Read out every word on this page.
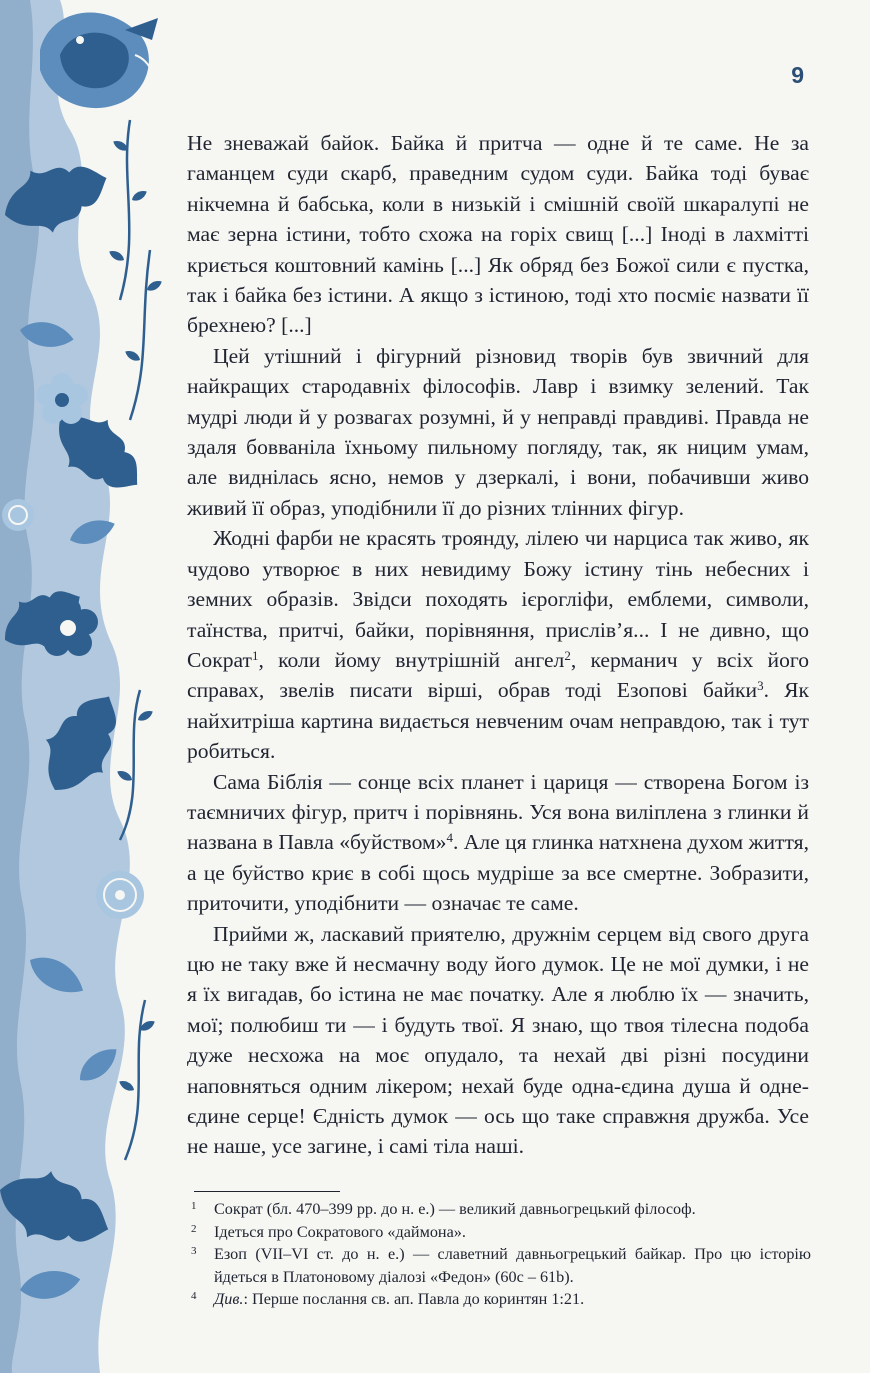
9

Не зневажай байок. Байка й притча — одне й те саме. Не за гаманцем суди скарб, праведним судом суди. Байка тоді буває нікчемна й бабська, коли в низькій і смішній своїй шкаралупі не має зерна істини, тобто схожа на горіх свищ [...] Іноді в лахмітті криється коштовний камінь [...] Як обряд без Божої сили є пустка, так і байка без істини. А якщо з істиною, тоді хто посміє назвати її брехнею? [...]

Цей утішний і фігурний різновид творів був звичний для найкращих стародавніх філософів. Лавр і взимку зелений. Так мудрі люди й у розвагах розумні, й у неправді правдиві. Правда не здаля бовваніла їхньому пильному погляду, так, як ницим умам, але виднілась ясно, немов у дзеркалі, і вони, побачивши живо живий її образ, уподібнили її до різних тлінних фігур.

Жодні фарби не красять троянду, лілею чи нарциса так живо, як чудово утворює в них невидиму Божу істину тінь небесних і земних образів. Звідси походять ієрогліфи, емблеми, символи, таїнства, притчі, байки, порівняння, прислів’я... І не дивно, що Сократ$^1$, коли йому внутрішній ангел$^2$, керманич у всіх його справах, звелів писати вірші, обрав тоді Езопові байки$^3$. Як найхитріша картина видається невченим очам неправдою, так і тут робиться.

Сама Біблія — сонце всіх планет і цариця — створена Богом із таємничих фігур, притч і порівнянь. Уся вона виліплена з глинки й названа в Павла «буйством»$^4$. Але ця глинка натхнена духом життя, а це буйство криє в собі щось мудріше за все смертне. Зобразити, приточити, уподібнити — означає те саме.

Прийми ж, ласкавий приятелю, дружнім серцем від свого друга цю не таку вже й несмачну воду його думок. Це не мої думки, і не я їх вигадав, бо істина не має початку. Але я люблю їх — значить, мої; полюбиш ти — і будуть твої. Я знаю, що твоя тілесна подоба дуже несхожа на моє опудало, та нехай дві різні посудини наповняться одним лікером; нехай буде одна-єдина душа й одне-єдине серце! Єдність думок — ось що таке справжня дружба. Усе не наше, усе загине, і самі тіла наші.

1	Сократ (бл. 470–399 рр. до н. е.) — великий давньогрецький філософ.
2	Ідеться про Сократового «даймона».
3	Езоп (VII–VI ст. до н. е.) — славетний давньогрецький байкар. Про цю історію йдеться в Платоновому діалозі «Федон» (60с – 61b).
4	Див.: Перше послання св. ап. Павла до коринтян 1:21.
